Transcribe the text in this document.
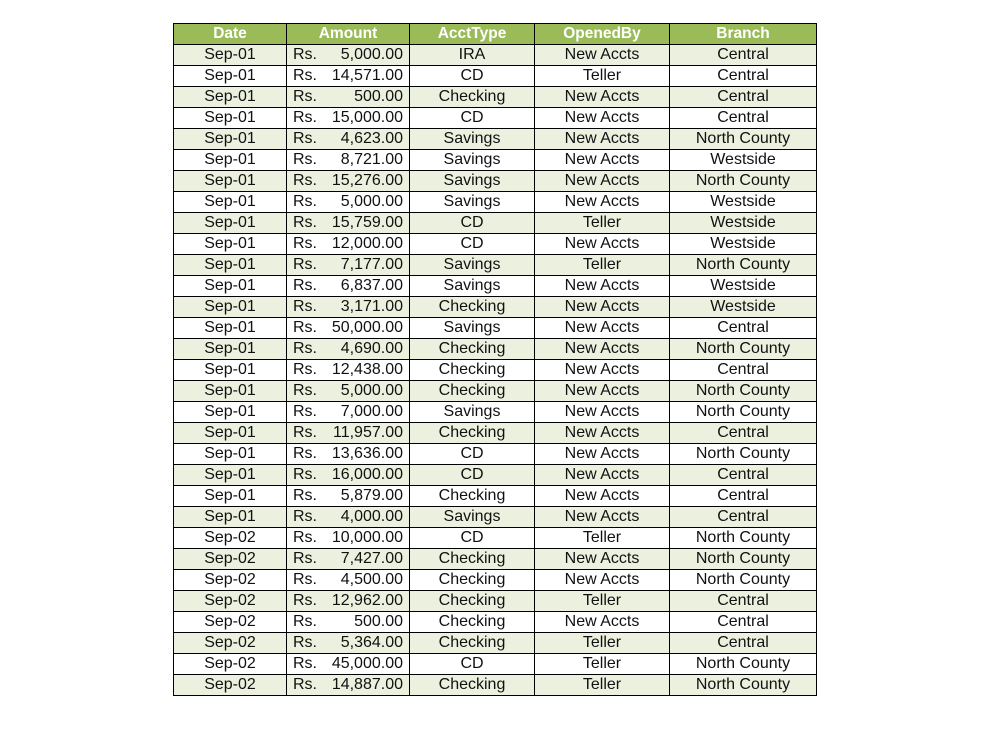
Date	Amount	AcctType	OpenedBy	Branch
Sep-01	Rs. 5,000.00	IRA	New Accts	Central
Sep-01	Rs. 14,571.00	CD	Teller	Central
Sep-01	Rs. 500.00	Checking	New Accts	Central
Sep-01	Rs. 15,000.00	CD	New Accts	Central
Sep-01	Rs. 4,623.00	Savings	New Accts	North County
Sep-01	Rs. 8,721.00	Savings	New Accts	Westside
Sep-01	Rs. 15,276.00	Savings	New Accts	North County
Sep-01	Rs. 5,000.00	Savings	New Accts	Westside
Sep-01	Rs. 15,759.00	CD	Teller	Westside
Sep-01	Rs. 12,000.00	CD	New Accts	Westside
Sep-01	Rs. 7,177.00	Savings	Teller	North County
Sep-01	Rs. 6,837.00	Savings	New Accts	Westside
Sep-01	Rs. 3,171.00	Checking	New Accts	Westside
Sep-01	Rs. 50,000.00	Savings	New Accts	Central
Sep-01	Rs. 4,690.00	Checking	New Accts	North County
Sep-01	Rs. 12,438.00	Checking	New Accts	Central
Sep-01	Rs. 5,000.00	Checking	New Accts	North County
Sep-01	Rs. 7,000.00	Savings	New Accts	North County
Sep-01	Rs. 11,957.00	Checking	New Accts	Central
Sep-01	Rs. 13,636.00	CD	New Accts	North County
Sep-01	Rs. 16,000.00	CD	New Accts	Central
Sep-01	Rs. 5,879.00	Checking	New Accts	Central
Sep-01	Rs. 4,000.00	Savings	New Accts	Central
Sep-02	Rs. 10,000.00	CD	Teller	North County
Sep-02	Rs. 7,427.00	Checking	New Accts	North County
Sep-02	Rs. 4,500.00	Checking	New Accts	North County
Sep-02	Rs. 12,962.00	Checking	Teller	Central
Sep-02	Rs. 500.00	Checking	New Accts	Central
Sep-02	Rs. 5,364.00	Checking	Teller	Central
Sep-02	Rs. 45,000.00	CD	Teller	North County
Sep-02	Rs. 14,887.00	Checking	Teller	North County
